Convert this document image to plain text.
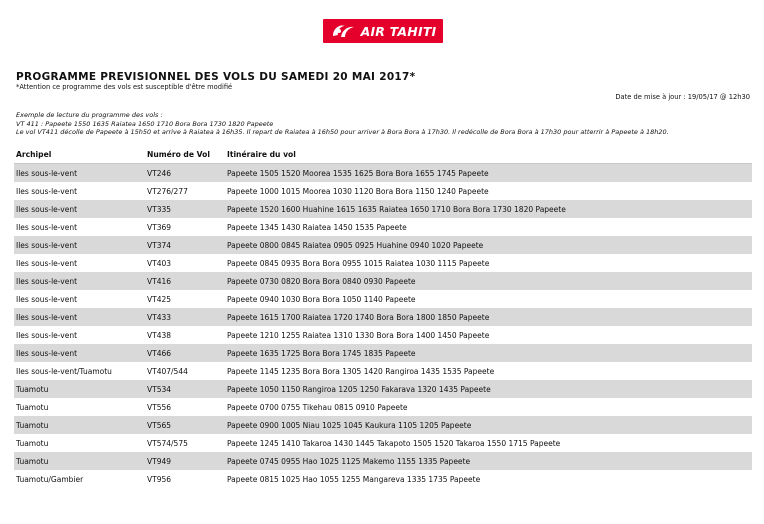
AIR TAHITI
PROGRAMME PREVISIONNEL DES VOLS DU SAMEDI 20 MAI 2017*
*Attention ce programme des vols est susceptible d'être modifié
Date de mise à jour : 19/05/17 @ 12h30
Exemple de lecture du programme des vols :
VT 411 : Papeete 1550 1635 Raiatea 1650 1710 Bora Bora 1730 1820 Papeete
Le vol VT411 décolle de Papeete à 15h50 et arrive à Raiatea à 16h35. Il repart de Raiatea à 16h50 pour arriver à Bora Bora à 17h30. Il redécolle de Bora Bora à 17h30 pour atterrir à Papeete à 18h20.
Archipel	Numéro de Vol	Itinéraire du vol
Iles sous-le-vent	VT246	Papeete 1505 1520 Moorea 1535 1625 Bora Bora 1655 1745 Papeete
Iles sous-le-vent	VT276/277	Papeete 1000 1015 Moorea 1030 1120 Bora Bora 1150 1240 Papeete
Iles sous-le-vent	VT335	Papeete 1520 1600 Huahine 1615 1635 Raiatea 1650 1710 Bora Bora 1730 1820 Papeete
Iles sous-le-vent	VT369	Papeete 1345 1430 Raiatea 1450 1535 Papeete
Iles sous-le-vent	VT374	Papeete 0800 0845 Raiatea 0905 0925 Huahine 0940 1020 Papeete
Iles sous-le-vent	VT403	Papeete 0845 0935 Bora Bora 0955 1015 Raiatea 1030 1115 Papeete
Iles sous-le-vent	VT416	Papeete 0730 0820 Bora Bora 0840 0930 Papeete
Iles sous-le-vent	VT425	Papeete 0940 1030 Bora Bora 1050 1140 Papeete
Iles sous-le-vent	VT433	Papeete 1615 1700 Raiatea 1720 1740 Bora Bora 1800 1850 Papeete
Iles sous-le-vent	VT438	Papeete 1210 1255 Raiatea 1310 1330 Bora Bora 1400 1450 Papeete
Iles sous-le-vent	VT466	Papeete 1635 1725 Bora Bora 1745 1835 Papeete
Iles sous-le-vent/Tuamotu	VT407/544	Papeete 1145 1235 Bora Bora 1305 1420 Rangiroa 1435 1535 Papeete
Tuamotu	VT534	Papeete 1050 1150 Rangiroa 1205 1250 Fakarava 1320 1435 Papeete
Tuamotu	VT556	Papeete 0700 0755 Tikehau 0815 0910 Papeete
Tuamotu	VT565	Papeete 0900 1005 Niau 1025 1045 Kaukura 1105 1205 Papeete
Tuamotu	VT574/575	Papeete 1245 1410 Takaroa 1430 1445 Takapoto 1505 1520 Takaroa 1550 1715 Papeete
Tuamotu	VT949	Papeete 0745 0955 Hao 1025 1125 Makemo 1155 1335 Papeete
Tuamotu/Gambier	VT956	Papeete 0815 1025 Hao 1055 1255 Mangareva 1335 1735 Papeete
